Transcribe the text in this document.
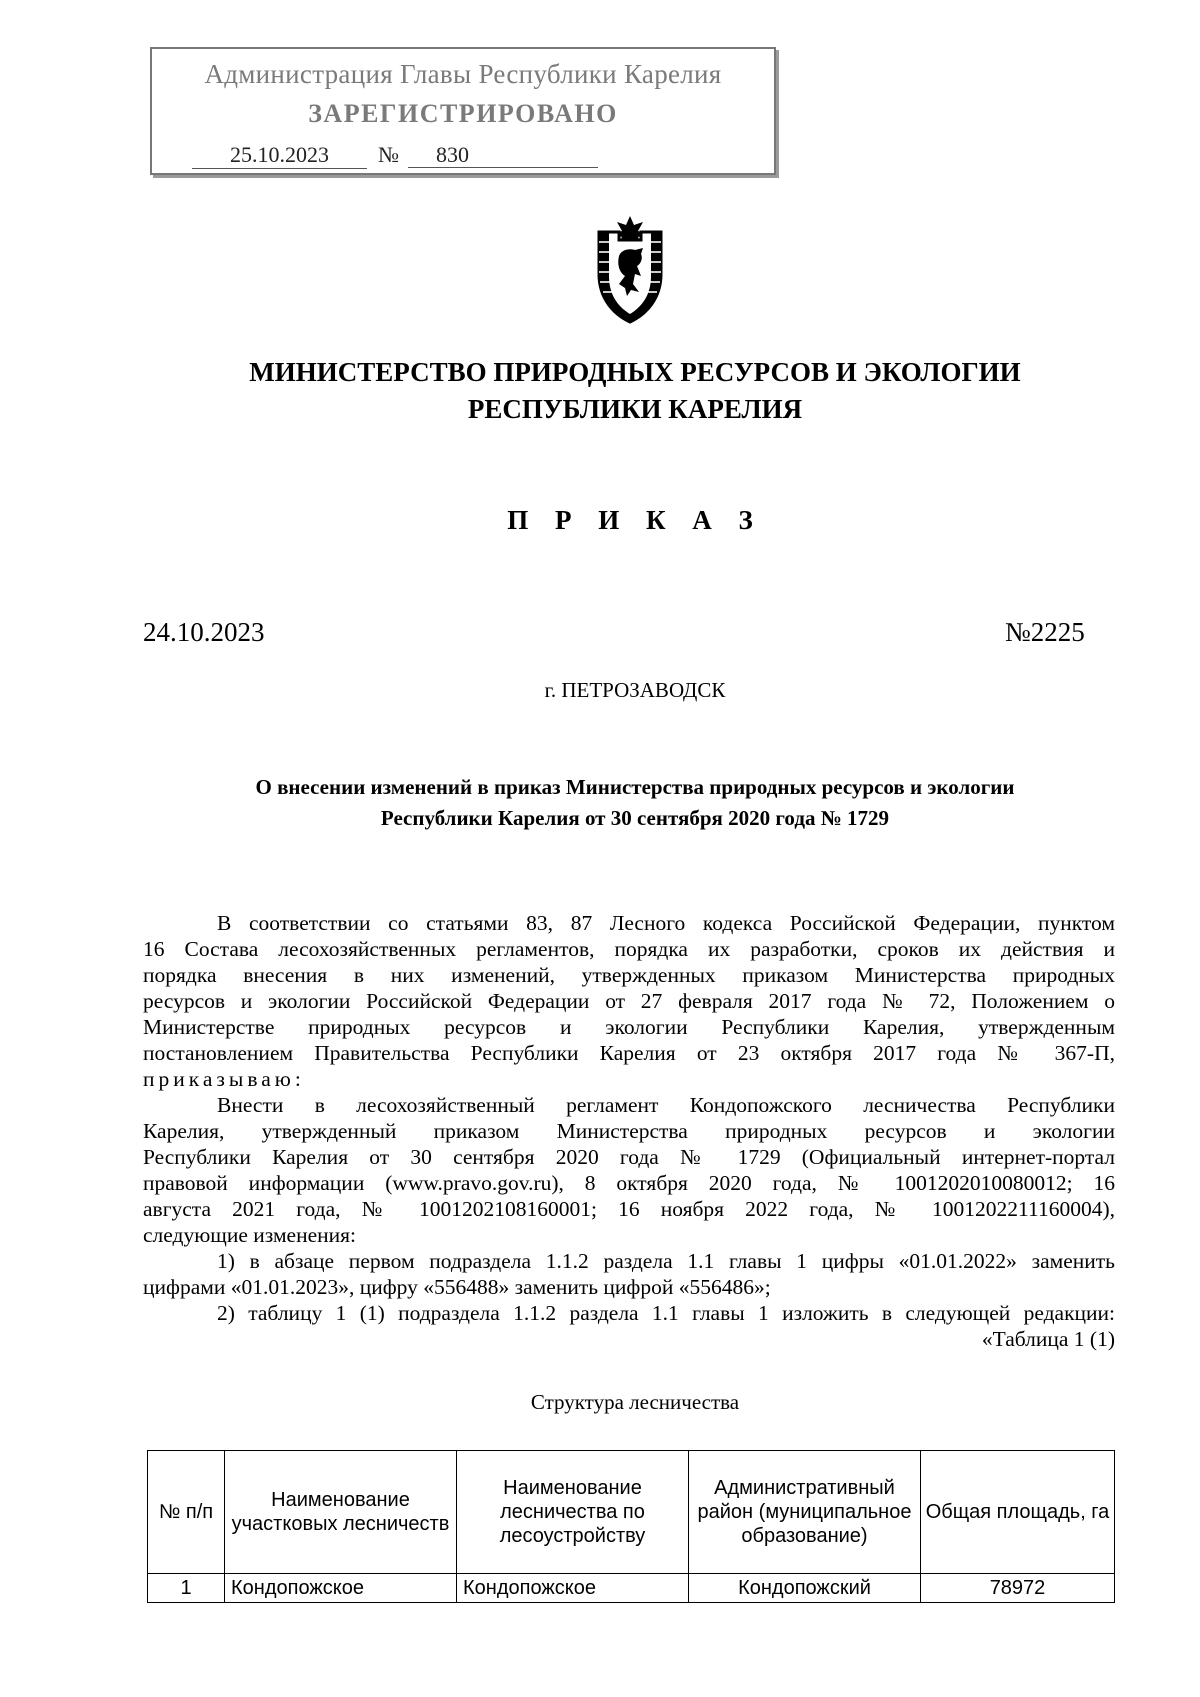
Администрация Главы Республики Карелия
ЗАРЕГИСТРИРОВАНО
25.10.2023	№	830
МИНИСТЕРСТВО ПРИРОДНЫХ РЕСУРСОВ И ЭКОЛОГИИ
РЕСПУБЛИКИ КАРЕЛИЯ
П Р И К А З
24.10.2023	№2225
г. ПЕТРОЗАВОДСК
О внесении изменений в приказ Министерства природных ресурсов и экологии
Республики Карелия от 30 сентября 2020 года № 1729

В соответствии со статьями 83, 87 Лесного кодекса Российской Федерации, пунктом

16 Состава лесохозяйственных регламентов, порядка их разработки, сроков их действия и

порядка внесения в них изменений, утвержденных приказом Министерства природных

ресурсов и экологии Российской Федерации от 27 февраля 2017 года № 72, Положением о

Министерстве природных ресурсов и экологии Республики Карелия, утвержденным

постановлением Правительства Республики Карелия от 23 октября 2017 года № 367-П,

приказываю:

Внести в лесохозяйственный регламент Кондопожского лесничества Республики

Карелия, утвержденный приказом Министерства природных ресурсов и экологии

Республики Карелия от 30 сентября 2020 года № 1729 (Официальный интернет-портал

правовой информации (www.pravo.gov.ru), 8 октября 2020 года, № 1001202010080012; 16

августа 2021 года, № 1001202108160001; 16 ноября 2022 года, № 1001202211160004),

следующие изменения:

1) в абзаце первом подраздела 1.1.2 раздела 1.1 главы 1 цифры «01.01.2022» заменить

цифрами «01.01.2023», цифру «556488» заменить цифрой «556486»;

2) таблицу 1 (1) подраздела 1.1.2 раздела 1.1 главы 1 изложить в следующей редакции:

«Таблица 1 (1)

Структура лесничества
№ п/п	Наименование участковых лесничеств	Наименование лесничества по лесоустройству	Административный район (муниципальное образование)	Общая площадь, га
1	Кондопожское	Кондопожское	Кондопожский	78972
